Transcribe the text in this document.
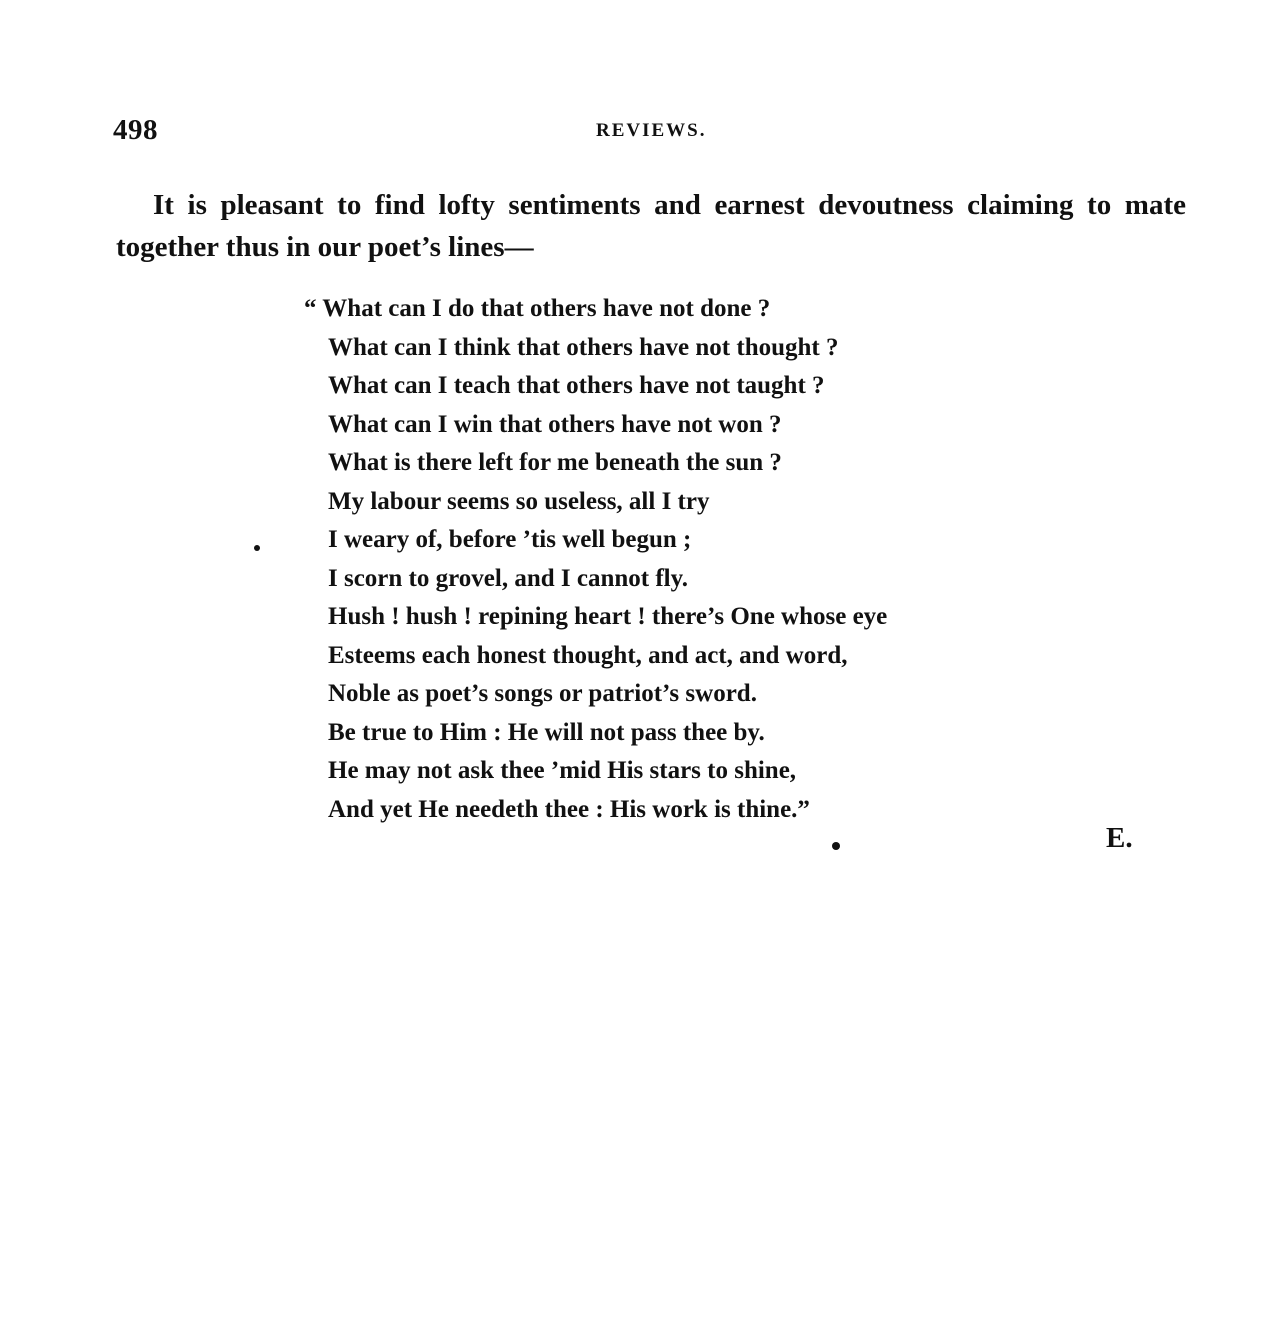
498	REVIEWS.

It is pleasant to find lofty sentiments and earnest devoutness claiming to mate together thus in our poet’s lines—

“ What can I do that others have not done ?
What can I think that others have not thought ?
What can I teach that others have not taught ?
What can I win that others have not won ?
What is there left for me beneath the sun ?
My labour seems so useless, all I try
I weary of, before ’tis well begun ;
I scorn to grovel, and I cannot fly.
Hush ! hush ! repining heart ! there’s One whose eye
Esteems each honest thought, and act, and word,
Noble as poet’s songs or patriot’s sword.
Be true to Him : He will not pass thee by.
He may not ask thee ’mid His stars to shine,
And yet He needeth thee : His work is thine.”
E.
